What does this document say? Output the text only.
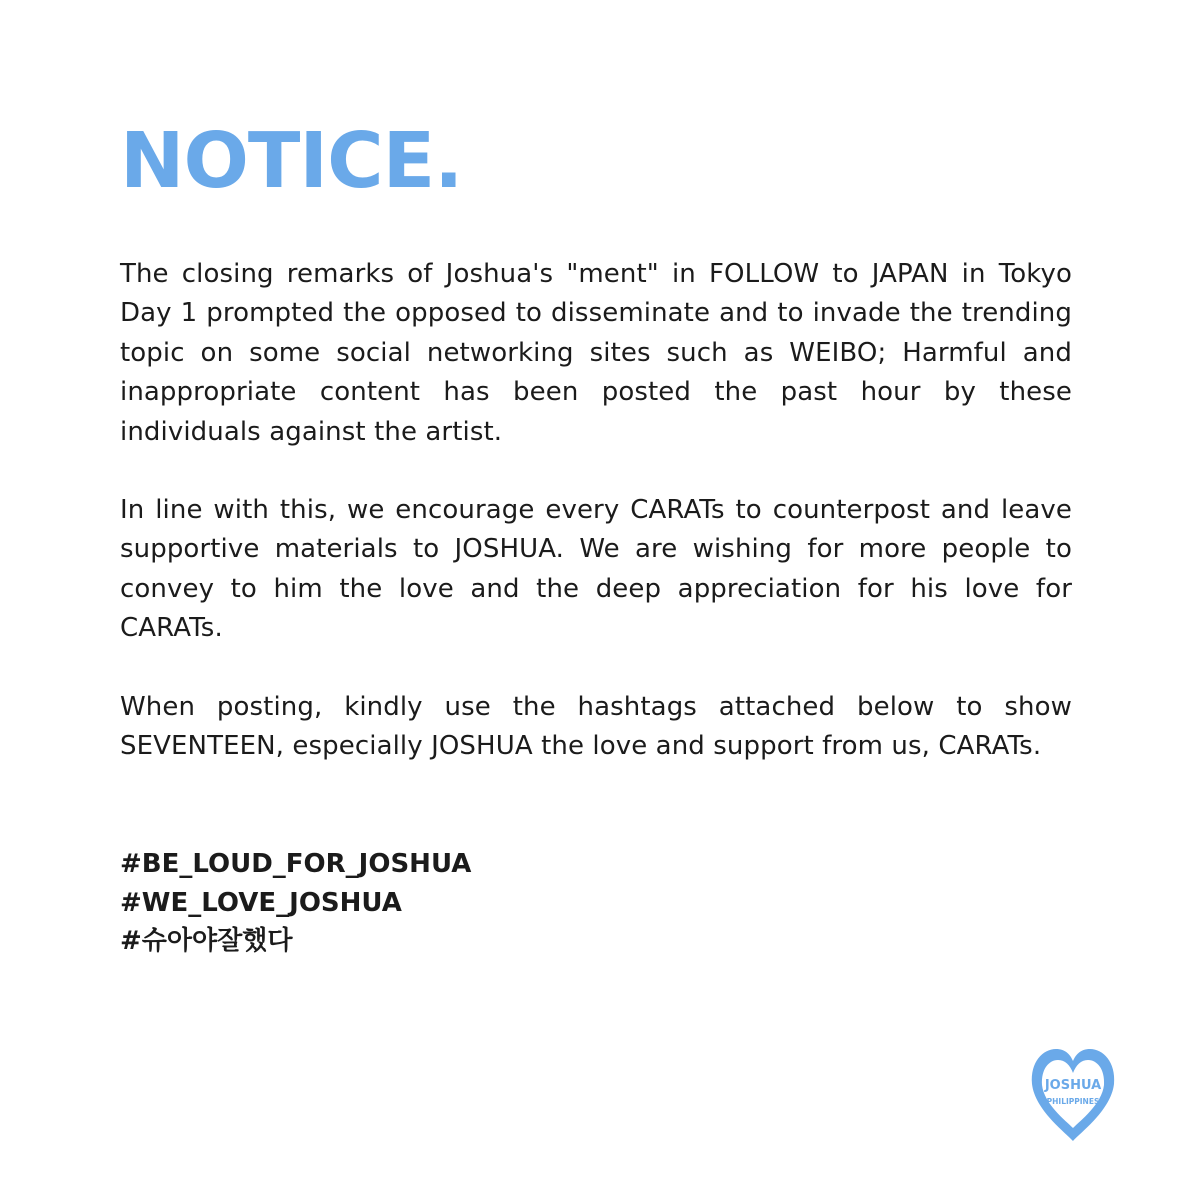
NOTICE.

The closing remarks of Joshua's "ment" in FOLLOW to JAPAN in Tokyo Day 1 prompted the opposed to disseminate and to invade the trending topic on some social networking sites such as WEIBO; Harmful and inappropriate content has been posted the past hour by these individuals against the artist.

In line with this, we encourage every CARATs to counterpost and leave supportive materials to JOSHUA. We are wishing for more people to convey to him the love and the deep appreciation for his love for CARATs.

When posting, kindly use the hashtags attached below to show SEVENTEEN, especially JOSHUA the love and support from us, CARATs.

#BE_LOUD_FOR_JOSHUA
#WE_LOVE_JOSHUA
#슈아야잘했다
JOSHUA
PHILIPPINES
